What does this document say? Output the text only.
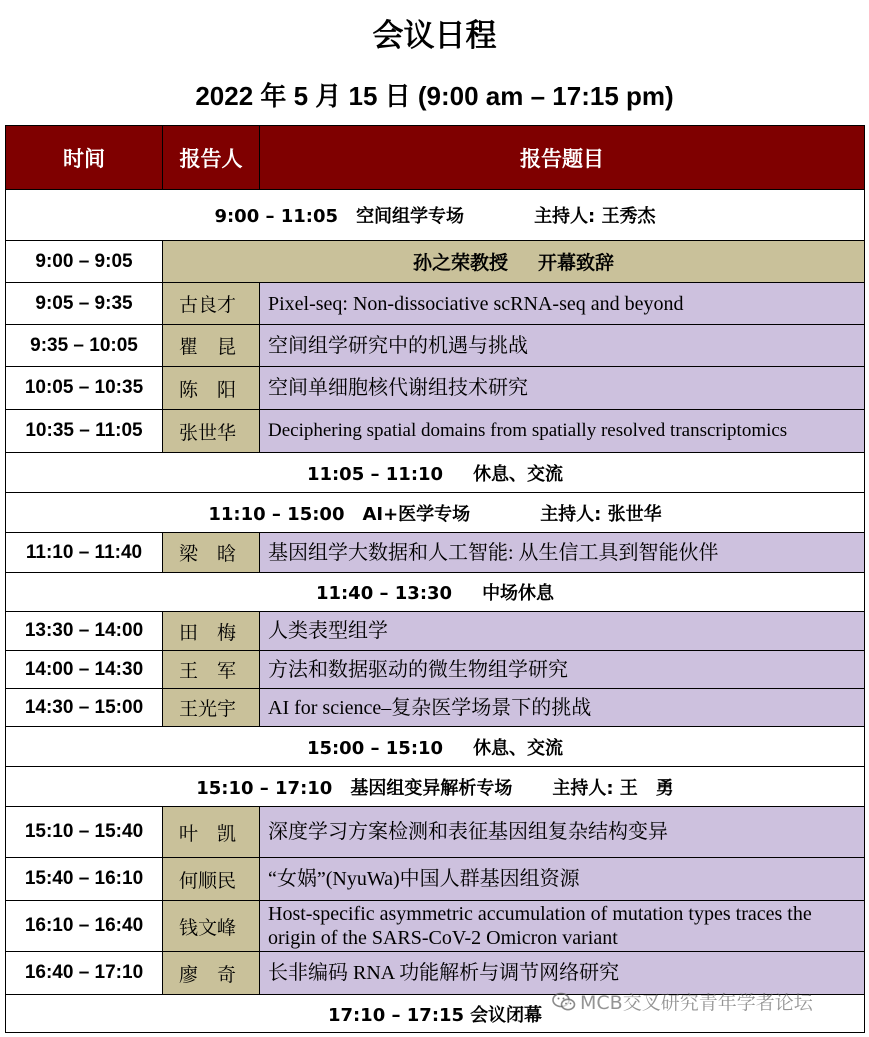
会议日程
2022 年 5 月 15 日 (9:00 am – 17:15 pm)
时间	报告人	报告题目
9:00 – 11:05 空间组学专场 主持人: 王秀杰		
9:00 – 9:05	孙之荣教授 开幕致辞	
9:05 – 9:35	古良才	Pixel-seq: Non-dissociative scRNA-seq and beyond
9:35 – 10:05	瞿　昆	空间组学研究中的机遇与挑战
10:05 – 10:35	陈　阳	空间单细胞核代谢组技术研究
10:35 – 11:05	张世华	Deciphering spatial domains from spatially resolved transcriptomics
11:05 – 11:10 休息、交流		
11:10 – 15:00 AI+医学专场 主持人: 张世华		
11:10 – 11:40	梁　晗	基因组学大数据和人工智能: 从生信工具到智能伙伴
11:40 – 13:30 中场休息		
13:30 – 14:00	田　梅	人类表型组学
14:00 – 14:30	王　军	方法和数据驱动的微生物组学研究
14:30 – 15:00	王光宇	AI for science–复杂医学场景下的挑战
15:00 – 15:10 休息、交流		
15:10 – 17:10 基因组变异解析专场 主持人: 王　勇		
15:10 – 15:40	叶　凯	深度学习方案检测和表征基因组复杂结构变异
15:40 – 16:10	何顺民	“女娲”(NyuWa)中国人群基因组资源
16:10 – 16:40	钱文峰	Host-specific asymmetric accumulation of mutation types traces the origin of the SARS-CoV-2 Omicron variant
16:40 – 17:10	廖　奇	长非编码 RNA 功能解析与调节网络研究
17:10 – 17:15 会议闭幕		
MCB交叉研究青年学者论坛
